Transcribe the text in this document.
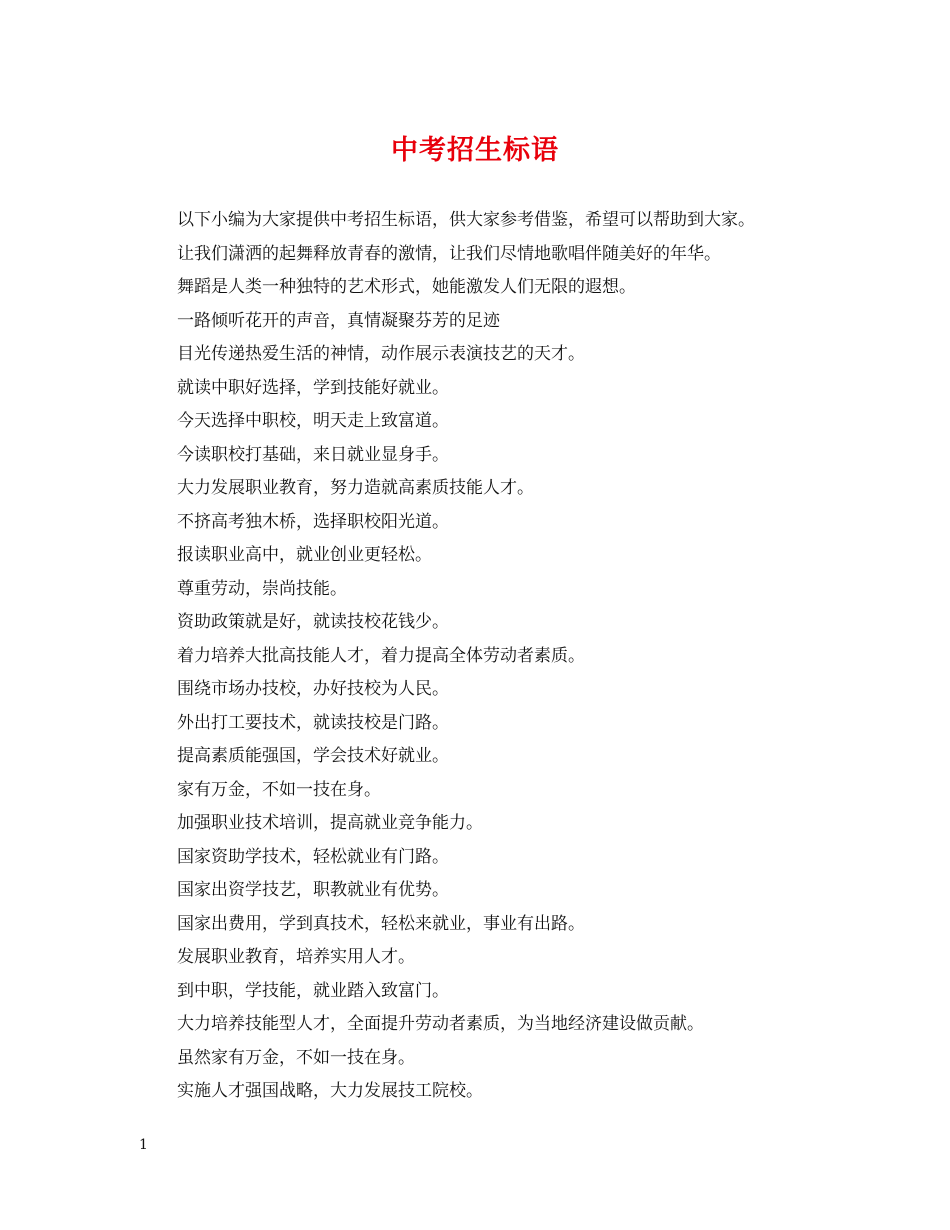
中考招生标语
以下小编为大家提供中考招生标语，供大家参考借鉴，希望可以帮助到大家。
让我们潇洒的起舞释放青春的激情，让我们尽情地歌唱伴随美好的年华。
舞蹈是人类一种独特的艺术形式，她能激发人们无限的遐想。
一路倾听花开的声音，真情凝聚芬芳的足迹
目光传递热爱生活的神情，动作展示表演技艺的天才。
就读中职好选择，学到技能好就业。
今天选择中职校，明天走上致富道。
今读职校打基础，来日就业显身手。
大力发展职业教育，努力造就高素质技能人才。
不挤高考独木桥，选择职校阳光道。
报读职业高中，就业创业更轻松。
尊重劳动，崇尚技能。
资助政策就是好，就读技校花钱少。
着力培养大批高技能人才，着力提高全体劳动者素质。
围绕市场办技校，办好技校为人民。
外出打工要技术，就读技校是门路。
提高素质能强国，学会技术好就业。
家有万金，不如一技在身。
加强职业技术培训，提高就业竞争能力。
国家资助学技术，轻松就业有门路。
国家出资学技艺，职教就业有优势。
国家出费用，学到真技术，轻松来就业，事业有出路。
发展职业教育，培养实用人才。
到中职，学技能，就业踏入致富门。
大力培养技能型人才，全面提升劳动者素质，为当地经济建设做贡献。
虽然家有万金，不如一技在身。
实施人才强国战略，大力发展技工院校。
1
